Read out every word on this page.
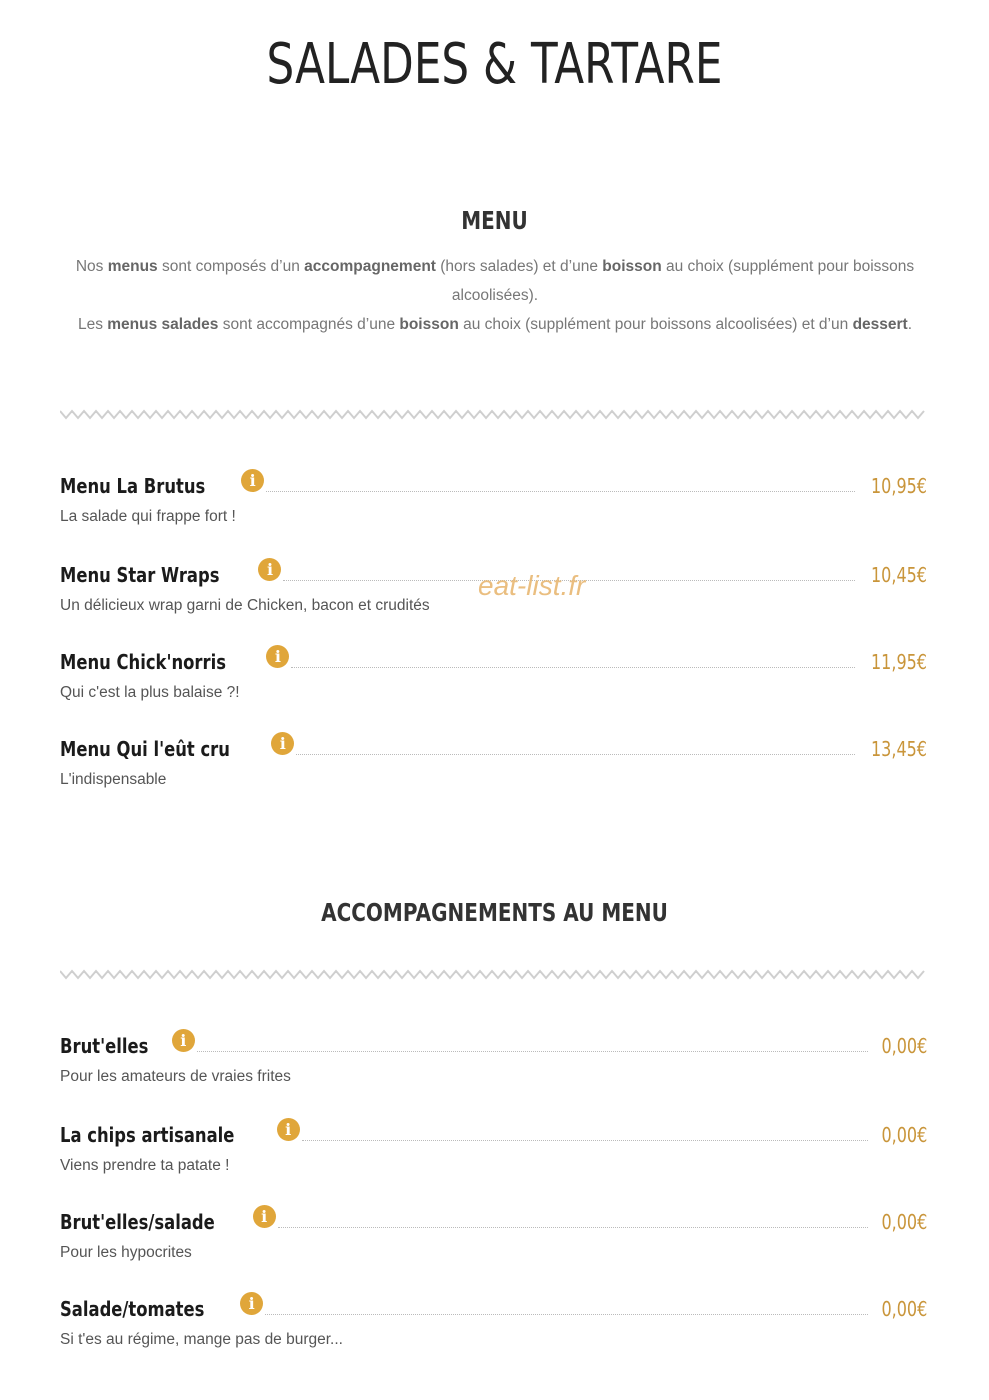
SALADES & TARTARE
MENU

Nos menus sont composés d’un accompagnement (hors salades) et d’une boisson au choix (supplément pour boissons alcoolisées).
Les menus salades sont accompagnés d’une boisson au choix (supplément pour boissons alcoolisées) et d’un dessert.

Menu La Brutus	i	10,95€
La salade qui frappe fort !
Menu Star Wraps	i	10,45€
Un délicieux wrap garni de Chicken, bacon et crudités
Menu Chick'norris	i	11,95€
Qui c'est la plus balaise ?!
Menu Qui l'eût cru	i	13,45€
L'indispensable
ACCOMPAGNEMENTS AU MENU
Brut'elles	i	0,00€
Pour les amateurs de vraies frites
La chips artisanale	i	0,00€
Viens prendre ta patate !
Brut'elles/salade	i	0,00€
Pour les hypocrites
Salade/tomates	i	0,00€
Si t'es au régime, mange pas de burger...
eat-list.fr
